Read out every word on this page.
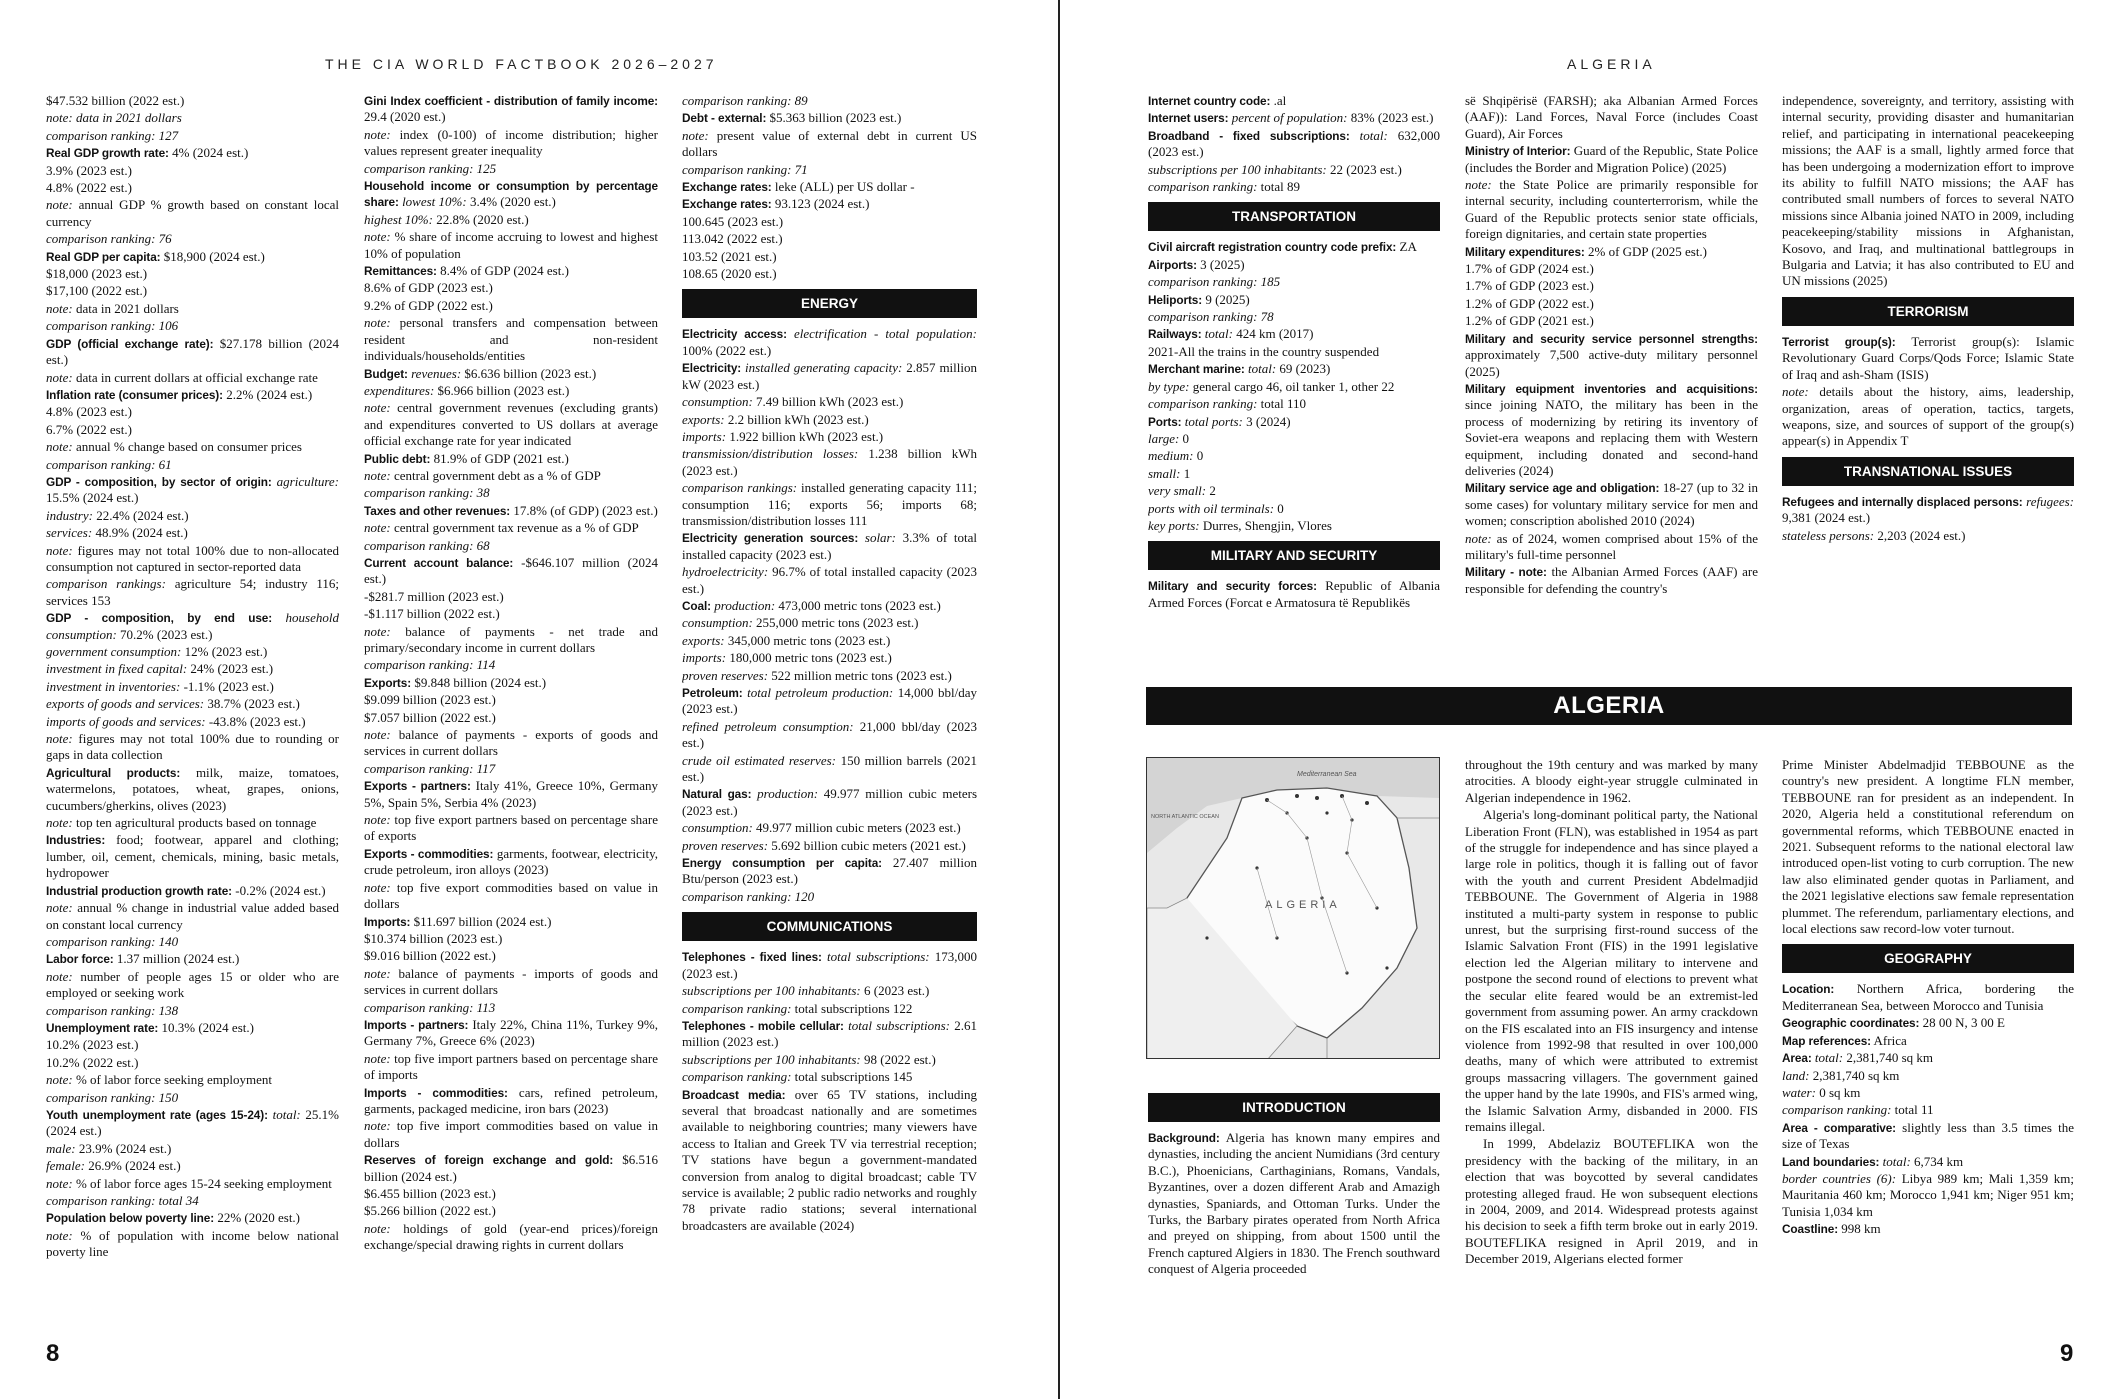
THE CIA WORLD FACTBOOK 2026–2027	ALGERIA

$47.532 billion (2022 est.)

note: data in 2021 dollars

comparison ranking: 127

Real GDP growth rate: 4% (2024 est.)

3.9% (2023 est.)

4.8% (2022 est.)

note: annual GDP % growth based on constant local currency

comparison ranking: 76

Real GDP per capita: $18,900 (2024 est.)

$18,000 (2023 est.)

$17,100 (2022 est.)

note: data in 2021 dollars

comparison ranking: 106

GDP (official exchange rate): $27.178 billion (2024 est.)

note: data in current dollars at official exchange rate

Inflation rate (consumer prices): 2.2% (2024 est.)

4.8% (2023 est.)

6.7% (2022 est.)

note: annual % change based on consumer prices

comparison ranking: 61

GDP - composition, by sector of origin: agriculture: 15.5% (2024 est.)

industry: 22.4% (2024 est.)

services: 48.9% (2024 est.)

note: figures may not total 100% due to non-allocated consumption not captured in sector-reported data

comparison rankings: agriculture 54; industry 116; services 153

GDP - composition, by end use: household consumption: 70.2% (2023 est.)

government consumption: 12% (2023 est.)

investment in fixed capital: 24% (2023 est.)

investment in inventories: -1.1% (2023 est.)

exports of goods and services: 38.7% (2023 est.)

imports of goods and services: -43.8% (2023 est.)

note: figures may not total 100% due to rounding or gaps in data collection

Agricultural products: milk, maize, tomatoes, watermelons, potatoes, wheat, grapes, onions, cucumbers/gherkins, olives (2023)

note: top ten agricultural products based on tonnage

Industries: food; footwear, apparel and clothing; lumber, oil, cement, chemicals, mining, basic metals, hydropower

Industrial production growth rate: -0.2% (2024 est.)

note: annual % change in industrial value added based on constant local currency

comparison ranking: 140

Labor force: 1.37 million (2024 est.)

note: number of people ages 15 or older who are employed or seeking work

comparison ranking: 138

Unemployment rate: 10.3% (2024 est.)

10.2% (2023 est.)

10.2% (2022 est.)

note: % of labor force seeking employment

comparison ranking: 150

Youth unemployment rate (ages 15-24): total: 25.1% (2024 est.)

male: 23.9% (2024 est.)

female: 26.9% (2024 est.)

note: % of labor force ages 15-24 seeking employment

comparison ranking: total 34

Population below poverty line: 22% (2020 est.)

note: % of population with income below national poverty line

Gini Index coefficient - distribution of family income: 29.4 (2020 est.)

note: index (0-100) of income distribution; higher values represent greater inequality

comparison ranking: 125

Household income or consumption by percentage share: lowest 10%: 3.4% (2020 est.)

highest 10%: 22.8% (2020 est.)

note: % share of income accruing to lowest and highest 10% of population

Remittances: 8.4% of GDP (2024 est.)

8.6% of GDP (2023 est.)

9.2% of GDP (2022 est.)

note: personal transfers and compensation between resident and non-resident individuals/households/entities

Budget: revenues: $6.636 billion (2023 est.)

expenditures: $6.966 billion (2023 est.)

note: central government revenues (excluding grants) and expenditures converted to US dollars at average official exchange rate for year indicated

Public debt: 81.9% of GDP (2021 est.)

note: central government debt as a % of GDP

comparison ranking: 38

Taxes and other revenues: 17.8% (of GDP) (2023 est.)

note: central government tax revenue as a % of GDP

comparison ranking: 68

Current account balance: -$646.107 million (2024 est.)

-$281.7 million (2023 est.)

-$1.117 billion (2022 est.)

note: balance of payments - net trade and primary/secondary income in current dollars

comparison ranking: 114

Exports: $9.848 billion (2024 est.)

$9.099 billion (2023 est.)

$7.057 billion (2022 est.)

note: balance of payments - exports of goods and services in current dollars

comparison ranking: 117

Exports - partners: Italy 41%, Greece 10%, Germany 5%, Spain 5%, Serbia 4% (2023)

note: top five export partners based on percentage share of exports

Exports - commodities: garments, footwear, electricity, crude petroleum, iron alloys (2023)

note: top five export commodities based on value in dollars

Imports: $11.697 billion (2024 est.)

$10.374 billion (2023 est.)

$9.016 billion (2022 est.)

note: balance of payments - imports of goods and services in current dollars

comparison ranking: 113

Imports - partners: Italy 22%, China 11%, Turkey 9%, Germany 7%, Greece 6% (2023)

note: top five import partners based on percentage share of imports

Imports - commodities: cars, refined petroleum, garments, packaged medicine, iron bars (2023)

note: top five import commodities based on value in dollars

Reserves of foreign exchange and gold: $6.516 billion (2024 est.)

$6.455 billion (2023 est.)

$5.266 billion (2022 est.)

note: holdings of gold (year-end prices)/foreign exchange/special drawing rights in current dollars

comparison ranking: 89

Debt - external: $5.363 billion (2023 est.)

note: present value of external debt in current US dollars

comparison ranking: 71

Exchange rates: leke (ALL) per US dollar -

Exchange rates: 93.123 (2024 est.)

100.645 (2023 est.)

113.042 (2022 est.)

103.52 (2021 est.)

108.65 (2020 est.)

ENERGY

Electricity access: electrification - total population: 100% (2022 est.)

Electricity: installed generating capacity: 2.857 million kW (2023 est.)

consumption: 7.49 billion kWh (2023 est.)

exports: 2.2 billion kWh (2023 est.)

imports: 1.922 billion kWh (2023 est.)

transmission/distribution losses: 1.238 billion kWh (2023 est.)

comparison rankings: installed generating capacity 111; consumption 116; exports 56; imports 68; transmission/distribution losses 111

Electricity generation sources: solar: 3.3% of total installed capacity (2023 est.)

hydroelectricity: 96.7% of total installed capacity (2023 est.)

Coal: production: 473,000 metric tons (2023 est.)

consumption: 255,000 metric tons (2023 est.)

exports: 345,000 metric tons (2023 est.)

imports: 180,000 metric tons (2023 est.)

proven reserves: 522 million metric tons (2023 est.)

Petroleum: total petroleum production: 14,000 bbl/day (2023 est.)

refined petroleum consumption: 21,000 bbl/day (2023 est.)

crude oil estimated reserves: 150 million barrels (2021 est.)

Natural gas: production: 49.977 million cubic meters (2023 est.)

consumption: 49.977 million cubic meters (2023 est.)

proven reserves: 5.692 billion cubic meters (2021 est.)

Energy consumption per capita: 27.407 million Btu/person (2023 est.)

comparison ranking: 120

COMMUNICATIONS

Telephones - fixed lines: total subscriptions: 173,000 (2023 est.)

subscriptions per 100 inhabitants: 6 (2023 est.)

comparison ranking: total subscriptions 122

Telephones - mobile cellular: total subscriptions: 2.61 million (2023 est.)

subscriptions per 100 inhabitants: 98 (2022 est.)

comparison ranking: total subscriptions 145

Broadcast media: over 65 TV stations, including several that broadcast nationally and are sometimes available to neighboring countries; many viewers have access to Italian and Greek TV via terrestrial reception; TV stations have begun a government-mandated conversion from analog to digital broadcast; cable TV service is available; 2 public radio networks and roughly 78 private radio stations; several international broadcasters are available (2024)

Internet country code: .al

Internet users: percent of population: 83% (2023 est.)

Broadband - fixed subscriptions: total: 632,000 (2023 est.)

subscriptions per 100 inhabitants: 22 (2023 est.)

comparison ranking: total 89

TRANSPORTATION

Civil aircraft registration country code prefix: ZA

Airports: 3 (2025)

comparison ranking: 185

Heliports: 9 (2025)

comparison ranking: 78

Railways: total: 424 km (2017)

2021-All the trains in the country suspended

Merchant marine: total: 69 (2023)

by type: general cargo 46, oil tanker 1, other 22

comparison ranking: total 110

Ports: total ports: 3 (2024)

large: 0

medium: 0

small: 1

very small: 2

ports with oil terminals: 0

key ports: Durres, Shengjin, Vlores

MILITARY AND SECURITY

Military and security forces: Republic of Albania Armed Forces (Forcat e Armatosura të Republikës

së Shqipërisë (FARSH); aka Albanian Armed Forces (AAF)): Land Forces, Naval Force (includes Coast Guard), Air Forces

Ministry of Interior: Guard of the Republic, State Police (includes the Border and Migration Police) (2025)

note: the State Police are primarily responsible for internal security, including counterterrorism, while the Guard of the Republic protects senior state officials, foreign dignitaries, and certain state properties

Military expenditures: 2% of GDP (2025 est.)

1.7% of GDP (2024 est.)

1.7% of GDP (2023 est.)

1.2% of GDP (2022 est.)

1.2% of GDP (2021 est.)

Military and security service personnel strengths: approximately 7,500 active-duty military personnel (2025)

Military equipment inventories and acquisitions: since joining NATO, the military has been in the process of modernizing by retiring its inventory of Soviet-era weapons and replacing them with Western equipment, including donated and second-hand deliveries (2024)

Military service age and obligation: 18-27 (up to 32 in some cases) for voluntary military service for men and women; conscription abolished 2010 (2024)

note: as of 2024, women comprised about 15% of the military's full-time personnel

Military - note: the Albanian Armed Forces (AAF) are responsible for defending the country's

independence, sovereignty, and territory, assisting with internal security, providing disaster and humanitarian relief, and participating in international peacekeeping missions; the AAF is a small, lightly armed force that has been undergoing a modernization effort to improve its ability to fulfill NATO missions; the AAF has contributed small numbers of forces to several NATO missions since Albania joined NATO in 2009, including peacekeeping/stability missions in Afghanistan, Kosovo, and Iraq, and multinational battlegroups in Bulgaria and Latvia; it has also contributed to EU and UN missions (2025)

TERRORISM

Terrorist group(s): Terrorist group(s): Islamic Revolutionary Guard Corps/Qods Force; Islamic State of Iraq and ash-Sham (ISIS)

note: details about the history, aims, leadership, organization, areas of operation, tactics, targets, weapons, size, and sources of support of the group(s) appear(s) in Appendix T

TRANSNATIONAL ISSUES

Refugees and internally displaced persons: refugees: 9,381 (2024 est.)

stateless persons: 2,203 (2024 est.)

ALGERIA
ALGERIA
Mediterranean Sea
NORTH ATLANTIC OCEAN
INTRODUCTION

Background: Algeria has known many empires and dynasties, including the ancient Numidians (3rd century B.C.), Phoenicians, Carthaginians, Romans, Vandals, Byzantines, over a dozen different Arab and Amazigh dynasties, Spaniards, and Ottoman Turks. Under the Turks, the Barbary pirates operated from North Africa and preyed on shipping, from about 1500 until the French captured Algiers in 1830. The French southward conquest of Algeria proceeded

throughout the 19th century and was marked by many atrocities. A bloody eight-year struggle culminated in Algerian independence in 1962.

Algeria's long-dominant political party, the National Liberation Front (FLN), was established in 1954 as part of the struggle for independence and has since played a large role in politics, though it is falling out of favor with the youth and current President Abdelmadjid TEBBOUNE. The Government of Algeria in 1988 instituted a multi-party system in response to public unrest, but the surprising first-round success of the Islamic Salvation Front (FIS) in the 1991 legislative election led the Algerian military to intervene and postpone the second round of elections to prevent what the secular elite feared would be an extremist-led government from assuming power. An army crackdown on the FIS escalated into an FIS insurgency and intense violence from 1992-98 that resulted in over 100,000 deaths, many of which were attributed to extremist groups massacring villagers. The government gained the upper hand by the late 1990s, and FIS's armed wing, the Islamic Salvation Army, disbanded in 2000. FIS remains illegal.

In 1999, Abdelaziz BOUTEFLIKA won the presidency with the backing of the military, in an election that was boycotted by several candidates protesting alleged fraud. He won subsequent elections in 2004, 2009, and 2014. Widespread protests against his decision to seek a fifth term broke out in early 2019. BOUTEFLIKA resigned in April 2019, and in December 2019, Algerians elected former

Prime Minister Abdelmadjid TEBBOUNE as the country's new president. A longtime FLN member, TEBBOUNE ran for president as an independent. In 2020, Algeria held a constitutional referendum on governmental reforms, which TEBBOUNE enacted in 2021. Subsequent reforms to the national electoral law introduced open-list voting to curb corruption. The new law also eliminated gender quotas in Parliament, and the 2021 legislative elections saw female representation plummet. The referendum, parliamentary elections, and local elections saw record-low voter turnout.

GEOGRAPHY

Location: Northern Africa, bordering the Mediterranean Sea, between Morocco and Tunisia

Geographic coordinates: 28 00 N, 3 00 E

Map references: Africa

Area: total: 2,381,740 sq km

land: 2,381,740 sq km

water: 0 sq km

comparison ranking: total 11

Area - comparative: slightly less than 3.5 times the size of Texas

Land boundaries: total: 6,734 km

border countries (6): Libya 989 km; Mali 1,359 km; Mauritania 460 km; Morocco 1,941 km; Niger 951 km; Tunisia 1,034 km

Coastline: 998 km

8	9
